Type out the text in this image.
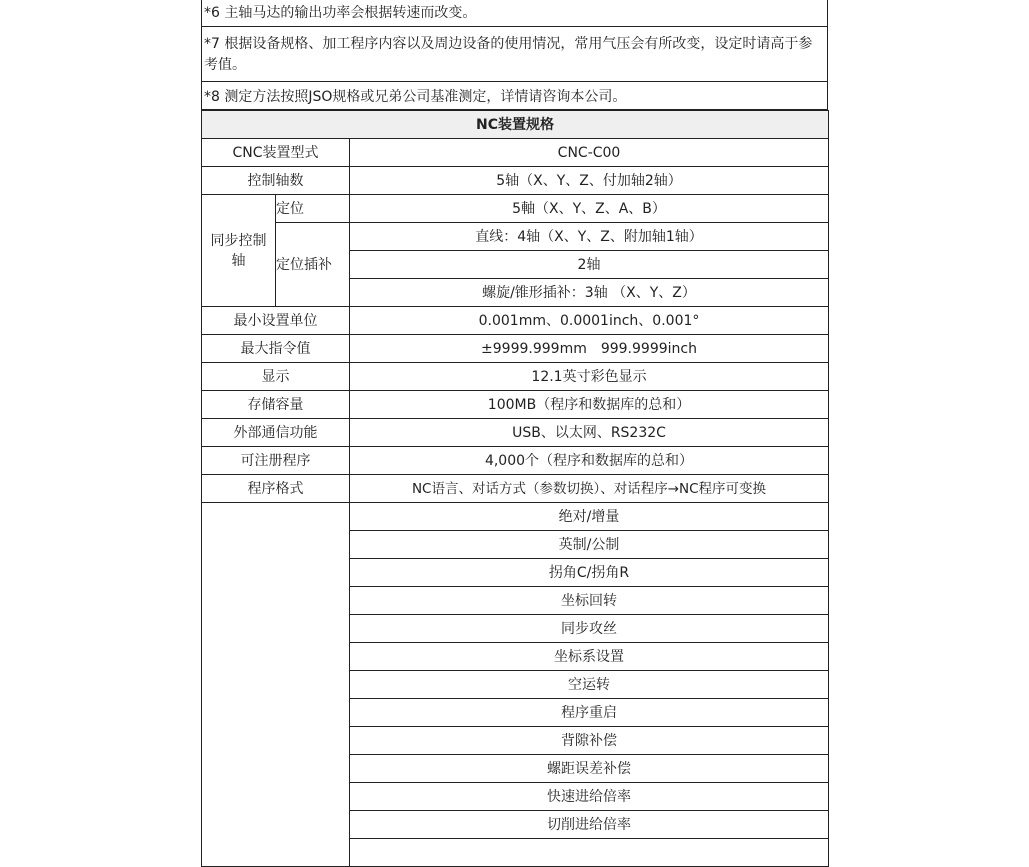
*6 主轴马达的输出功率会根据转速而改变。
*7 根据设备规格、加工程序内容以及周边设备的使用情况，常用气压会有所改变，设定时请高于参考值。
*8 测定方法按照JSO规格或兄弟公司基准测定，详情请咨询本公司。
NC装置规格		
CNC装置型式		CNC-C00
控制轴数		5轴（X、Y、Z、付加轴2轴）
同步控制轴	定位	5軸（X、Y、Z、A、B）
	定位插补	直线：4轴（X、Y、Z、附加轴1轴）
		2轴
		螺旋/锥形插补：3轴 （X、Y、Z）
最小设置单位		0.001mm、0.0001inch、0.001°
最大指令值		±9999.999mm　999.9999inch
显示		12.1英寸彩色显示
存储容量		100MB（程序和数据库的总和）
外部通信功能		USB、以太网、RS232C
可注册程序		4,000个（程序和数据库的总和）
程序格式		NC语言、对话方式（参数切换）、对话程序→NC程序可变换
		绝对/增量
		英制/公制
		拐角C/拐角R
		坐标回转
		同步攻丝
		坐标系设置
		空运转
		程序重启
		背隙补偿
		螺距误差补偿
		快速进给倍率
		切削进给倍率
